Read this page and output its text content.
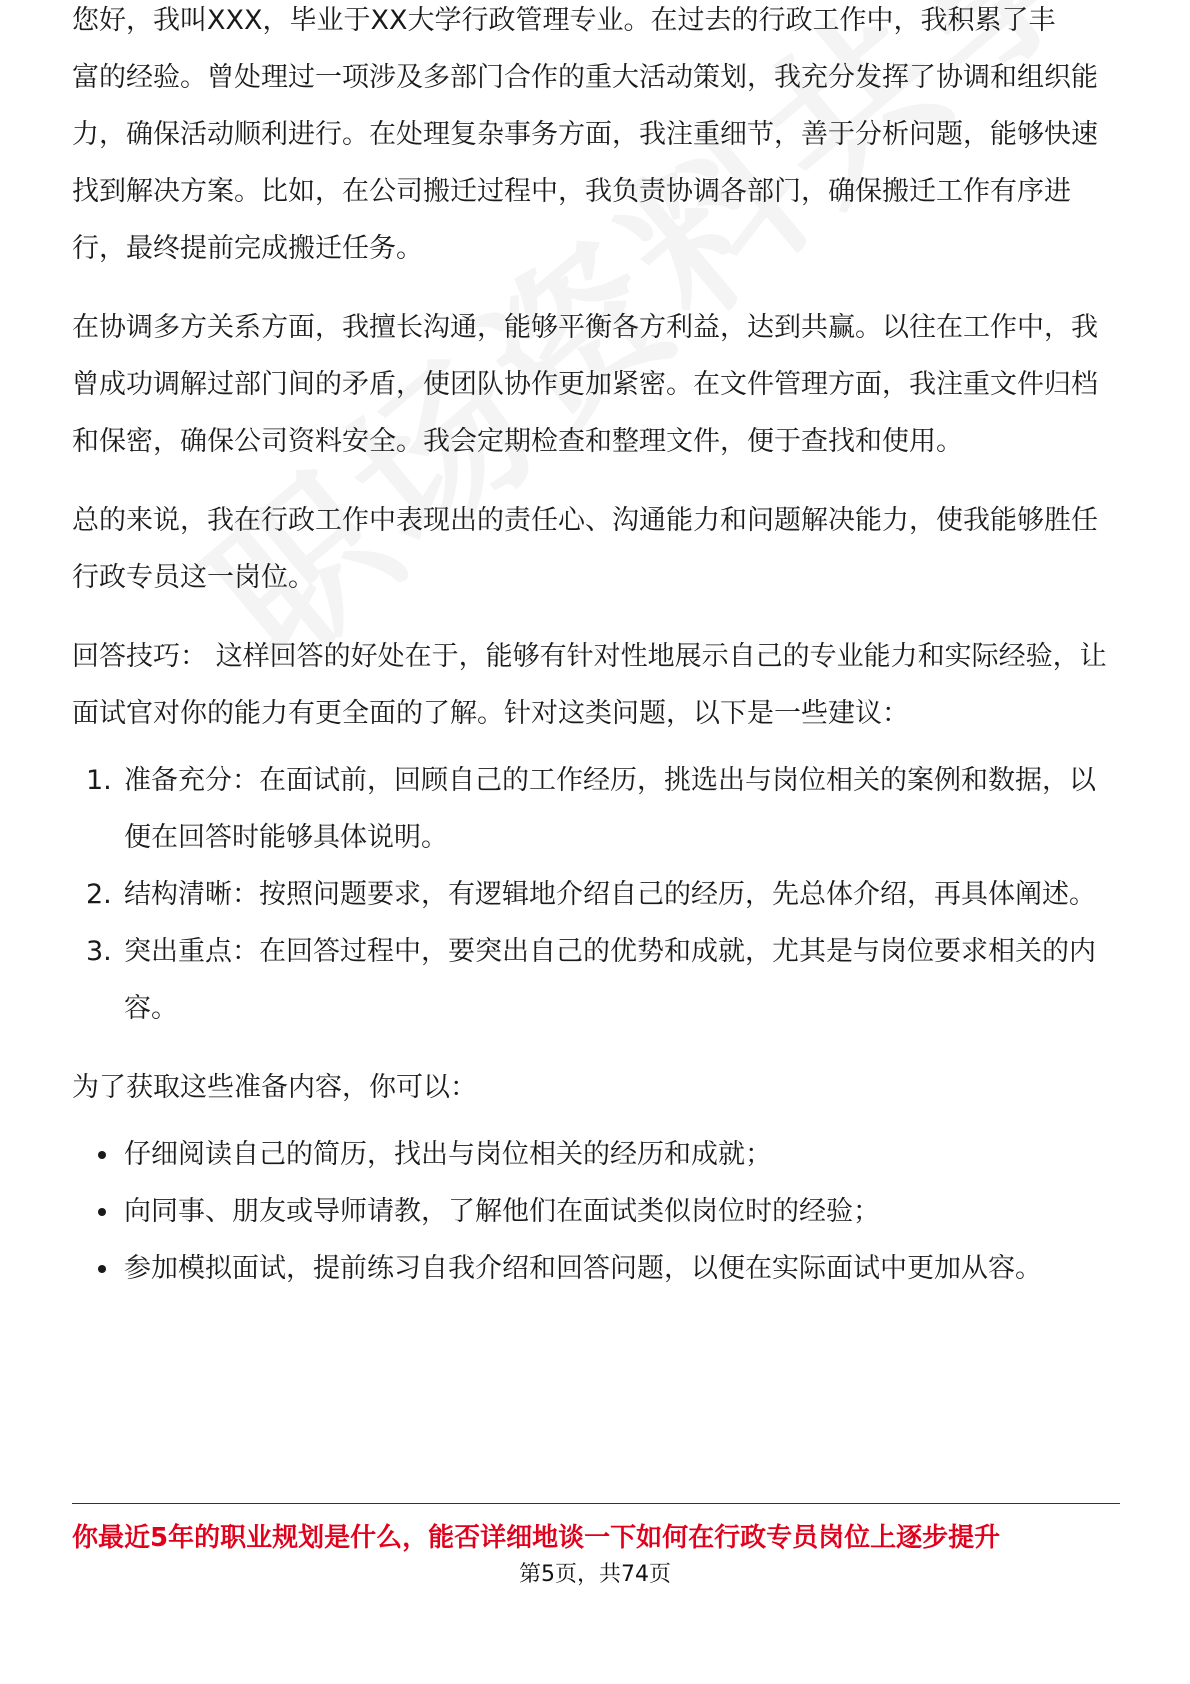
您好，我叫XXX，毕业于XX大学行政管理专业。在过去的行政工作中，我积累了丰

富的经验。曾处理过一项涉及多部门合作的重大活动策划，我充分发挥了协调和组织能力，确保活动顺利进行。在处理复杂事务方面，我注重细节，善于分析问题，能够快速找到解决方案。比如，在公司搬迁过程中，我负责协调各部门，确保搬迁工作有序进行，最终提前完成搬迁任务。

在协调多方关系方面，我擅长沟通，能够平衡各方利益，达到共赢。以往在工作中，我曾成功调解过部门间的矛盾，使团队协作更加紧密。在文件管理方面，我注重文件归档和保密，确保公司资料安全。我会定期检查和整理文件，便于查找和使用。

总的来说，我在行政工作中表现出的责任心、沟通能力和问题解决能力，使我能够胜任行政专员这一岗位。

回答技巧： 这样回答的好处在于，能够有针对性地展示自己的专业能力和实际经验，让面试官对你的能力有更全面的了解。针对这类问题，以下是一些建议：

1. 准备充分：在面试前，回顾自己的工作经历，挑选出与岗位相关的案例和数据，以便在回答时能够具体说明。
2. 结构清晰：按照问题要求，有逻辑地介绍自己的经历，先总体介绍，再具体阐述。
3. 突出重点：在回答过程中，要突出自己的优势和成就，尤其是与岗位要求相关的内容。

为了获取这些准备内容，你可以：

仔细阅读自己的简历，找出与岗位相关的经历和成就；
向同事、朋友或导师请教，了解他们在面试类似岗位时的经验；
参加模拟面试，提前练习自我介绍和回答问题，以便在实际面试中更加从容。
你最近5年的职业规划是什么，能否详细地谈一下如何在行政专员岗位上逐步提升
第5页，共74页
